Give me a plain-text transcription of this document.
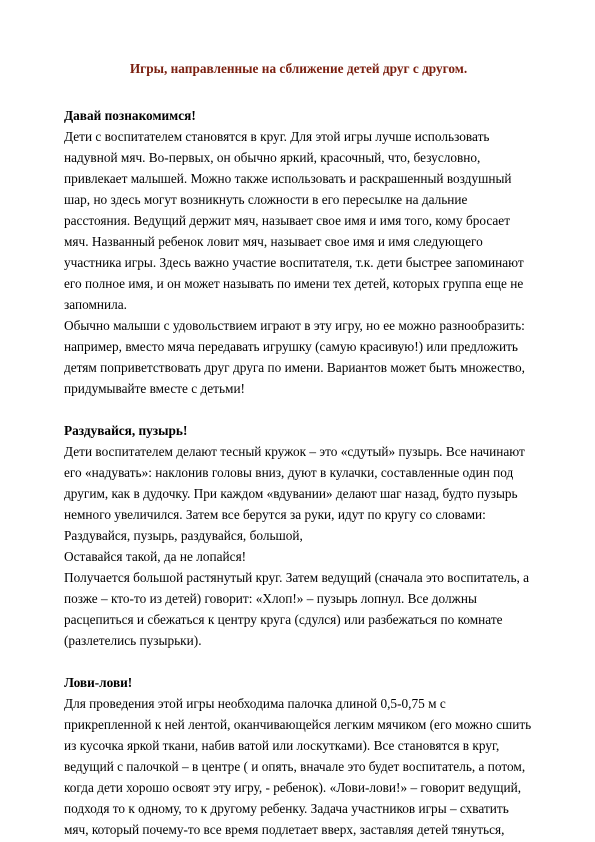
Игры, направленные на сближение детей друг с другом.
Давай познакомимся!
Дети с воспитателем становятся в круг. Для этой игры лучше использовать
надувной мяч. Во-первых, он обычно яркий, красочный, что, безусловно,
привлекает малышей. Можно также использовать и раскрашенный воздушный
шар, но здесь могут возникнуть сложности в его пересылке на дальние
расстояния. Ведущий держит мяч, называет свое имя и имя того, кому бросает
мяч. Названный ребенок ловит мяч, называет свое имя и имя следующего
участника игры. Здесь важно участие воспитателя, т.к. дети быстрее запоминают
его полное имя, и он может называть по имени тех детей, которых группа еще не
запомнила.
Обычно малыши с удовольствием играют в эту игру, но ее можно разнообразить:
например, вместо мяча передавать игрушку (самую красивую!) или предложить
детям поприветствовать друг друга по имени. Вариантов может быть множество,
придумывайте вместе с детьми!
Раздувайся, пузырь!
Дети воспитателем делают тесный кружок – это «сдутый» пузырь. Все начинают
его «надувать»: наклонив головы вниз, дуют в кулачки, составленные один под
другим, как в дудочку. При каждом «вдувании» делают шаг назад, будто пузырь
немного увеличился. Затем все берутся за руки, идут по кругу со словами:
Раздувайся, пузырь, раздувайся, большой,
Оставайся такой, да не лопайся!
Получается большой растянутый круг. Затем ведущий (сначала это воспитатель, а
позже – кто-то из детей) говорит: «Хлоп!» – пузырь лопнул. Все должны
расцепиться и сбежаться к центру круга (сдулся) или разбежаться по комнате
(разлетелись пузырьки).
Лови-лови!
Для проведения этой игры необходима палочка длиной 0,5-0,75 м с
прикрепленной к ней лентой, оканчивающейся легким мячиком (его можно сшить
из кусочка яркой ткани, набив ватой или лоскутками). Все становятся в круг,
ведущий с палочкой – в центре ( и опять, вначале это будет воспитатель, а потом,
когда дети хорошо освоят эту игру, - ребенок). «Лови-лови!» – говорит ведущий,
подходя то к одному, то к другому ребенку. Задача участников игры – схватить
мяч, который почему-то все время подлетает вверх, заставляя детей тянуться,
